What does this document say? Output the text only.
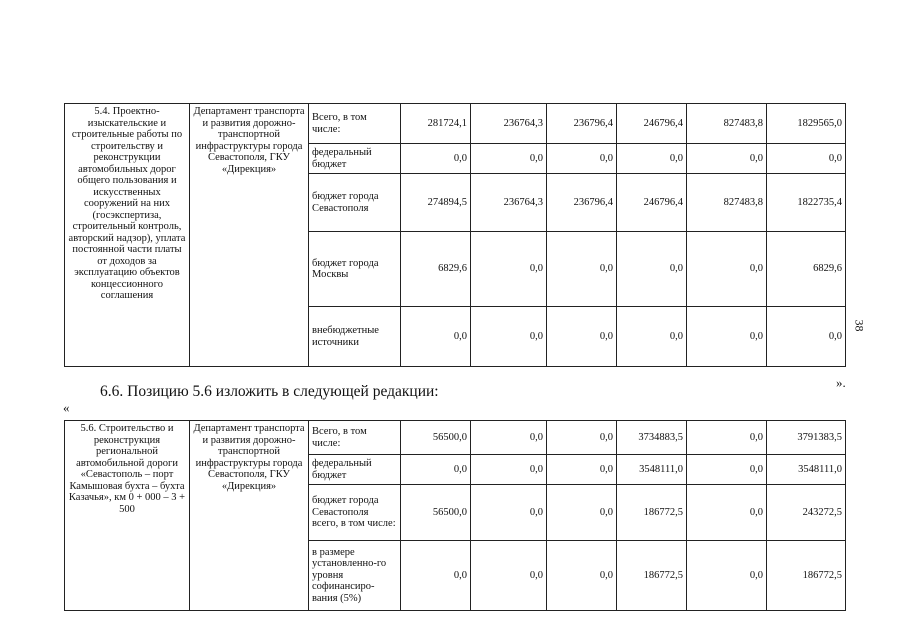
5.4. Проектно-изыскательские и строительные работы по строительству и реконструкции автомобильных дорог общего пользования и искусственных сооружений на них (госэкспертиза, строительный контроль, авторский надзор), уплата постоянной части платы от доходов за эксплуатацию объектов концессионного соглашения	Департамент транспорта и развития дорожно-транспортной инфраструктуры города Севастополя, ГКУ «Дирекция»	Всего, в том числе:	281724,1	236764,3	236796,4	246796,4	827483,8	1829565,0
		федеральный бюджет	0,0	0,0	0,0	0,0	0,0	0,0
		бюджет города Севастополя	274894,5	236764,3	236796,4	246796,4	827483,8	1822735,4
		бюджет города Москвы	6829,6	0,0	0,0	0,0	0,0	6829,6
		внебюджетные источники	0,0	0,0	0,0	0,0	0,0	0,0
».
6.6. Позицию 5.6 изложить в следующей редакции:
«
5.6. Строительство и реконструкция региональной автомобильной дороги «Севастополь – порт Камышовая бухта – бухта Казачья», км 0 + 000 – 3 + 500	Департамент транспорта и развития дорожно-транспортной инфраструктуры города Севастополя, ГКУ «Дирекция»	Всего, в том числе:	56500,0	0,0	0,0	3734883,5	0,0	3791383,5
		федеральный бюджет	0,0	0,0	0,0	3548111,0	0,0	3548111,0
		бюджет города Севастополя всего, в том числе:	56500,0	0,0	0,0	186772,5	0,0	243272,5
		в размере установленно-го уровня софинансиро-вания (5%)	0,0	0,0	0,0	186772,5	0,0	186772,5
38
